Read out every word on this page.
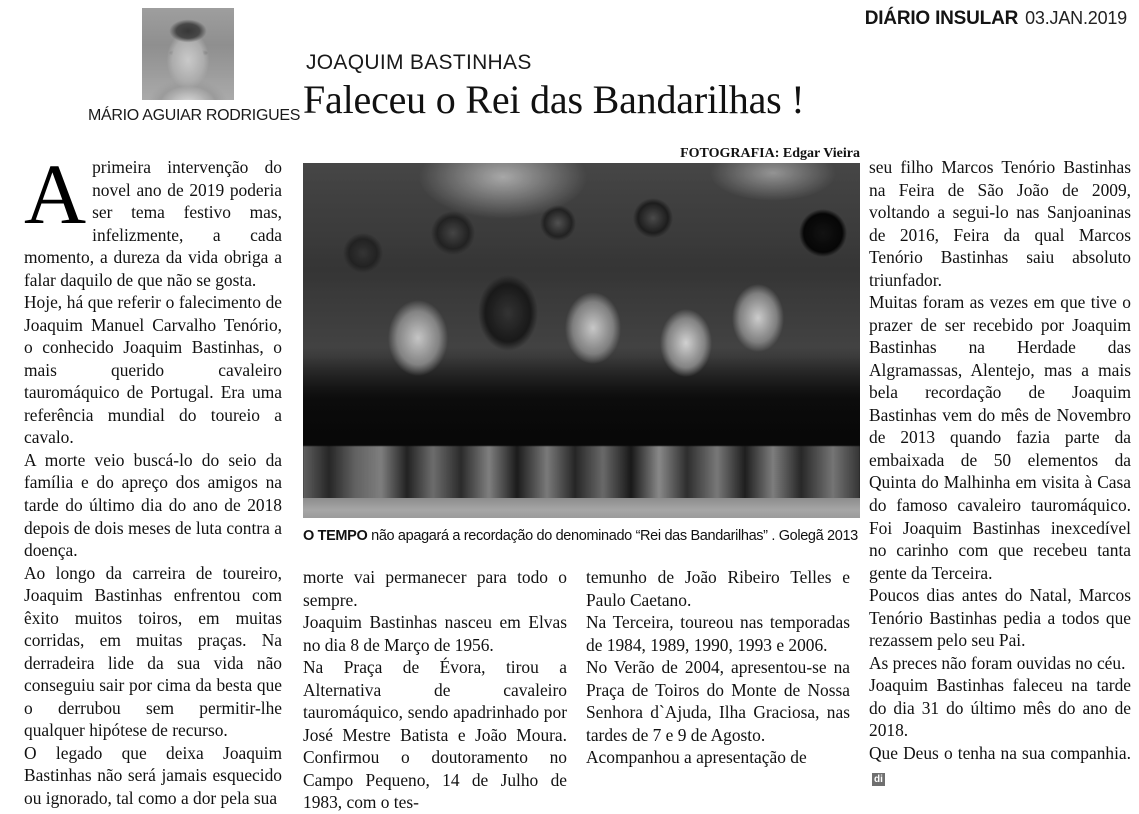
DIÁRIO INSULAR 03.JAN.2019
MÁRIO AGUIAR RODRIGUES
JOAQUIM BASTINHAS
Faleceu o Rei das Bandarilhas !
FOTOGRAFIA: Edgar Vieira
O TEMPO não apagará a recordação do denominado “Rei das Bandarilhas” . Golegã 2013

Aprimeira intervenção do novel ano de 2019 poderia ser tema festivo mas, infelizmente, a cada momento, a dureza da vida obriga a falar daquilo de que não se gosta.

Hoje, há que referir o falecimento de Joaquim Manuel Carvalho Tenório, o conhecido Joaquim Bastinhas, o mais querido cavaleiro tauromáquico de Portugal. Era uma referência mundial do toureio a cavalo.

A morte veio buscá-lo do seio da família e do apreço dos amigos na tarde do último dia do ano de 2018 depois de dois meses de luta contra a doença.

Ao longo da carreira de toureiro, Joaquim Bastinhas enfrentou com êxito muitos toiros, em muitas corridas, em muitas praças. Na derradeira lide da sua vida não conseguiu sair por cima da besta que o derrubou sem permitir-lhe qualquer hipótese de recurso.

O legado que deixa Joaquim Bastinhas não será jamais esquecido ou ignorado, tal como a dor pela sua

morte vai permanecer para todo o sempre.

Joaquim Bastinhas nasceu em Elvas no dia 8 de Março de 1956.

Na Praça de Évora, tirou a Alternativa de cavaleiro tauromáquico, sendo apadrinhado por José Mestre Batista e João Moura. Confirmou o doutoramento no Campo Pequeno, 14 de Julho de 1983, com o tes-

temunho de João Ribeiro Telles e Paulo Caetano.

Na Terceira, toureou nas temporadas de 1984, 1989, 1990, 1993 e 2006.

No Verão de 2004, apresentou-se na Praça de Toiros do Monte de Nossa Senhora d`Ajuda, Ilha Graciosa, nas tardes de 7 e 9 de Agosto.

Acompanhou a apresentação de

seu filho Marcos Tenório Bastinhas na Feira de São João de 2009, voltando a segui-lo nas Sanjoaninas de 2016, Feira da qual Marcos Tenório Bastinhas saiu absoluto triunfador.

Muitas foram as vezes em que tive o prazer de ser recebido por Joaquim Bastinhas na Herdade das Algramassas, Alentejo, mas a mais bela recordação de Joaquim Bastinhas vem do mês de Novembro de 2013 quando fazia parte da embaixada de 50 elementos da Quinta do Malhinha em visita à Casa do famoso cavaleiro tauromáquico. Foi Joaquim Bastinhas inexcedível no carinho com que recebeu tanta gente da Terceira.

Poucos dias antes do Natal, Marcos Tenório Bastinhas pedia a todos que rezassem pelo seu Pai.

As preces não foram ouvidas no céu.

Joaquim Bastinhas faleceu na tarde do dia 31 do último mês do ano de 2018.

Que Deus o tenha na sua companhia.di
